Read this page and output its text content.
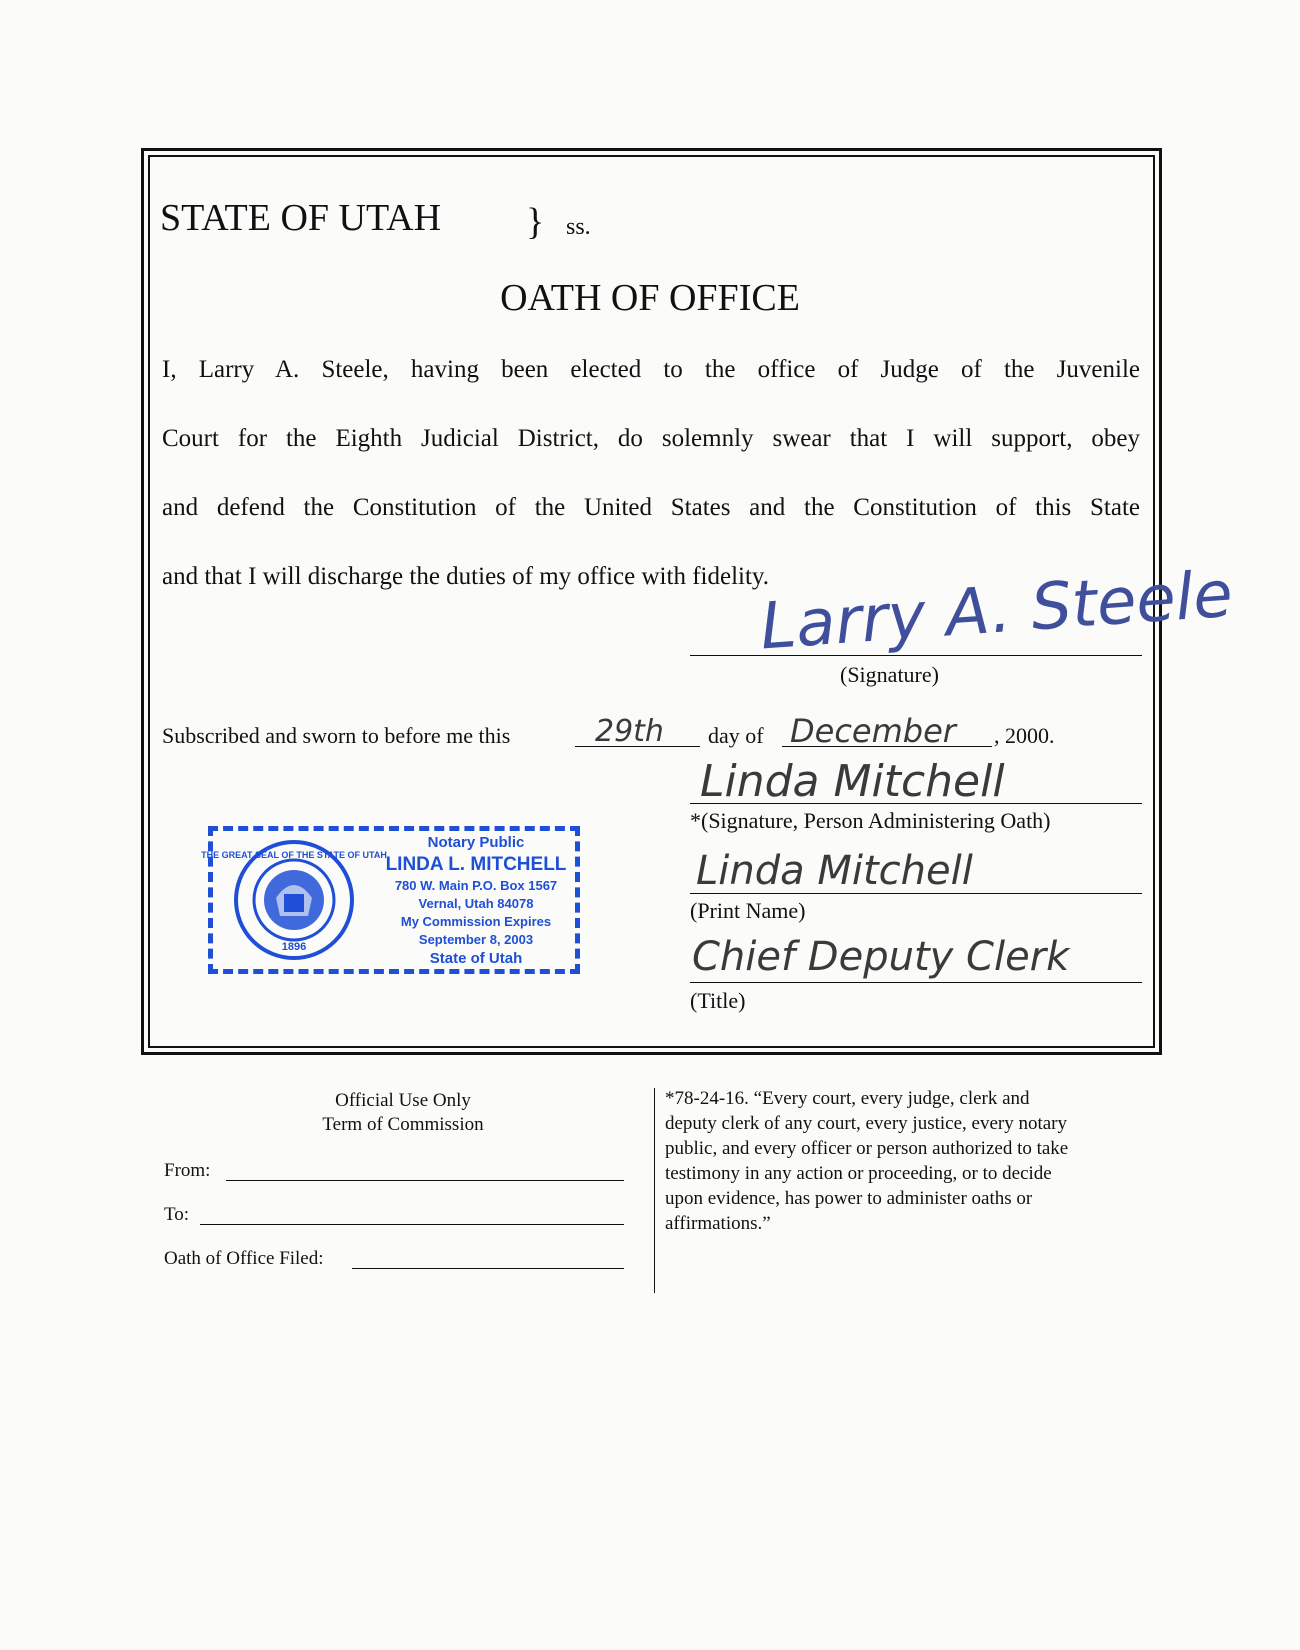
STATE OF UTAH } ss.
OATH OF OFFICE
I, Larry A. Steele, having been elected to the office of Judge of the Juvenile
Court for the Eighth Judicial District, do solemnly swear that I will support, obey
and defend the Constitution of the United States and the Constitution of this State
and that I will discharge the duties of my office with fidelity.
Larry A. Steele
(Signature)
Subscribed and sworn to before me this	29th day of December , 2000.
Linda Mitchell
*(Signature, Person Administering Oath)
Linda Mitchell
(Print Name)
Chief Deputy Clerk
(Title)
THE GREAT SEAL OF THE STATE OF UTAH
1896
Notary Public
LINDA L. MITCHELL
780 W. Main P.O. Box 1567
Vernal, Utah 84078
My Commission Expires
September 8, 2003
State of Utah
Official Use Only
Term of Commission
From:
To:
Oath of Office Filed:
*78-24-16. “Every court, every judge, clerk and
deputy clerk of any court, every justice, every notary
public, and every officer or person authorized to take
testimony in any action or proceeding, or to decide
upon evidence, has power to administer oaths or
affirmations.”
